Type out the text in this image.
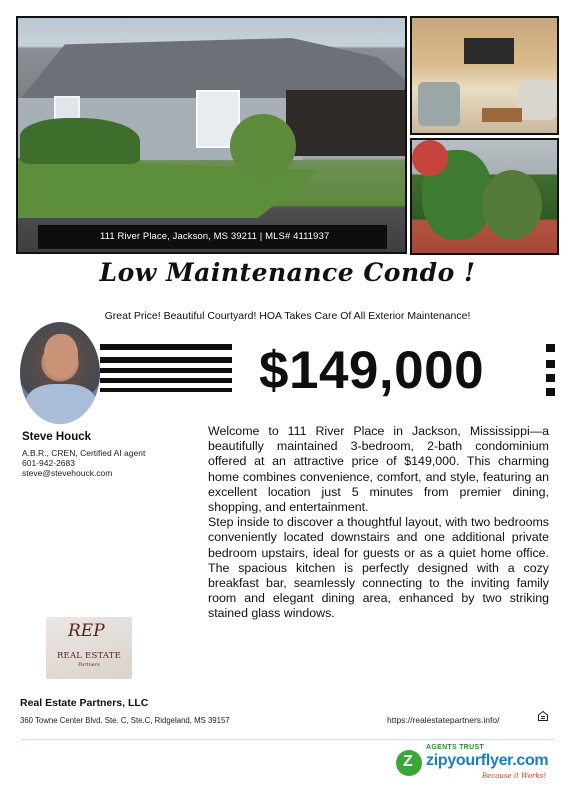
111 River Place, Jackson, MS 39211 | MLS# 4111937
Low Maintenance Condo !
Great Price! Beautiful Courtyard! HOA Takes Care Of All Exterior Maintenance!
$149,000
Steve Houck
A.B.R., CREN, Certified AI agent
601-942-2683
steve@stevehouck.com

Welcome to 111 River Place in Jackson, Mississippi—a beautifully maintained 3-bedroom, 2-bath condominium offered at an attractive price of $149,000. This charming home combines convenience, comfort, and style, featuring an excellent location just 5 minutes from premier dining, shopping, and entertainment.

Step inside to discover a thoughtful layout, with two bedrooms conveniently located downstairs and one additional private bedroom upstairs, ideal for guests or as a quiet home office. The spacious kitchen is perfectly designed with a cozy breakfast bar, seamlessly connecting to the inviting family room and elegant dining area, enhanced by two striking stained glass windows.

REP
REAL ESTATE
Partners
Real Estate Partners, LLC
360 Towne Center Blvd. Ste. C, Ste.C, Ridgeland, MS 39157	https://realestatepartners.info/
Z
AGENTS TRUST
zipyourflyer.com
Because it Works!
